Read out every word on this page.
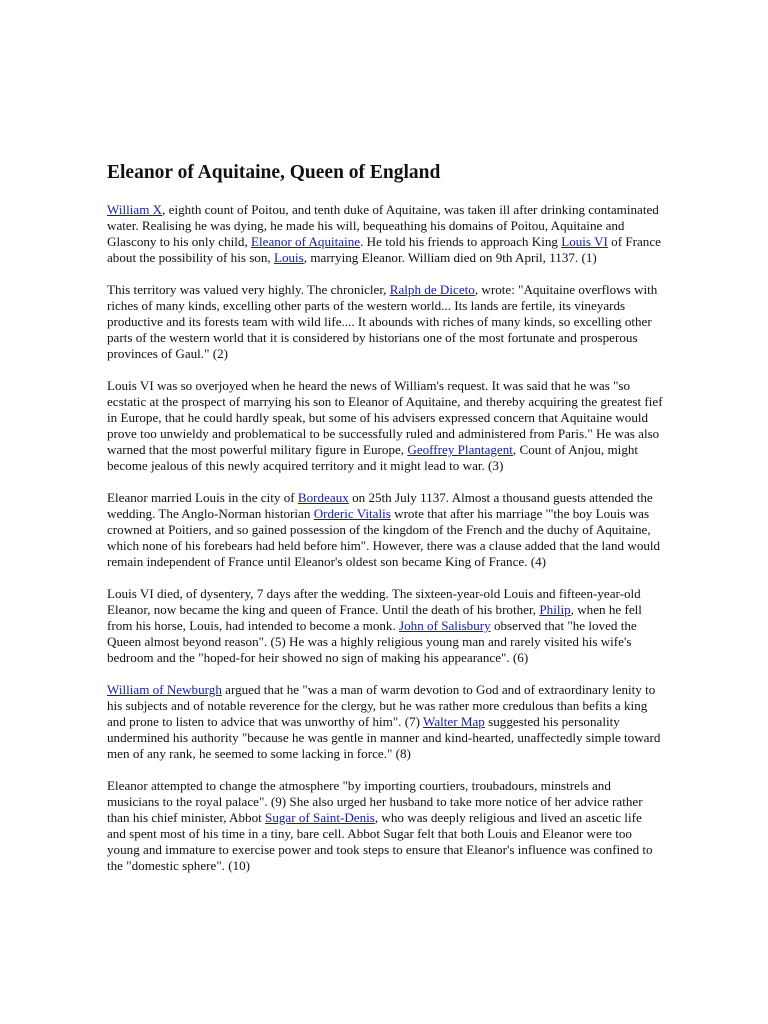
Eleanor of Aquitaine, Queen of England

William X, eighth count of Poitou, and tenth duke of Aquitaine, was taken ill after drinking contaminated water. Realising he was dying, he made his will, bequeathing his domains of Poitou, Aquitaine and Glascony to his only child, Eleanor of Aquitaine. He told his friends to approach King Louis VI of France about the possibility of his son, Louis, marrying Eleanor. William died on 9th April, 1137. (1)

This territory was valued very highly. The chronicler, Ralph de Diceto, wrote: "Aquitaine overflows with riches of many kinds, excelling other parts of the western world... Its lands are fertile, its vineyards productive and its forests team with wild life.... It abounds with riches of many kinds, so excelling other parts of the western world that it is considered by historians one of the most fortunate and prosperous provinces of Gaul." (2)

Louis VI was so overjoyed when he heard the news of William's request. It was said that he was "so ecstatic at the prospect of marrying his son to Eleanor of Aquitaine, and thereby acquiring the greatest fief in Europe, that he could hardly speak, but some of his advisers expressed concern that Aquitaine would prove too unwieldy and problematical to be successfully ruled and administered from Paris." He was also warned that the most powerful military figure in Europe, Geoffrey Plantagent, Count of Anjou, might become jealous of this newly acquired territory and it might lead to war. (3)

Eleanor married Louis in the city of Bordeaux on 25th July 1137. Almost a thousand guests attended the wedding. The Anglo-Norman historian Orderic Vitalis wrote that after his marriage '"the boy Louis was crowned at Poitiers, and so gained possession of the kingdom of the French and the duchy of Aquitaine, which none of his forebears had held before him". However, there was a clause added that the land would remain independent of France until Eleanor's oldest son became King of France. (4)

Louis VI died, of dysentery, 7 days after the wedding. The sixteen-year-old Louis and fifteen-year-old Eleanor, now became the king and queen of France. Until the death of his brother, Philip, when he fell from his horse, Louis, had intended to become a monk. John of Salisbury observed that "he loved the Queen almost beyond reason". (5) He was a highly religious young man and rarely visited his wife's bedroom and the "hoped-for heir showed no sign of making his appearance". (6)

William of Newburgh argued that he "was a man of warm devotion to God and of extraordinary lenity to his subjects and of notable reverence for the clergy, but he was rather more credulous than befits a king and prone to listen to advice that was unworthy of him". (7) Walter Map suggested his personality undermined his authority "because he was gentle in manner and kind-hearted, unaffectedly simple toward men of any rank, he seemed to some lacking in force." (8)

Eleanor attempted to change the atmosphere "by importing courtiers, troubadours, minstrels and musicians to the royal palace". (9) She also urged her husband to take more notice of her advice rather than his chief minister, Abbot Sugar of Saint-Denis, who was deeply religious and lived an ascetic life and spent most of his time in a tiny, bare cell. Abbot Sugar felt that both Louis and Eleanor were too young and immature to exercise power and took steps to ensure that Eleanor's influence was confined to the "domestic sphere". (10)
